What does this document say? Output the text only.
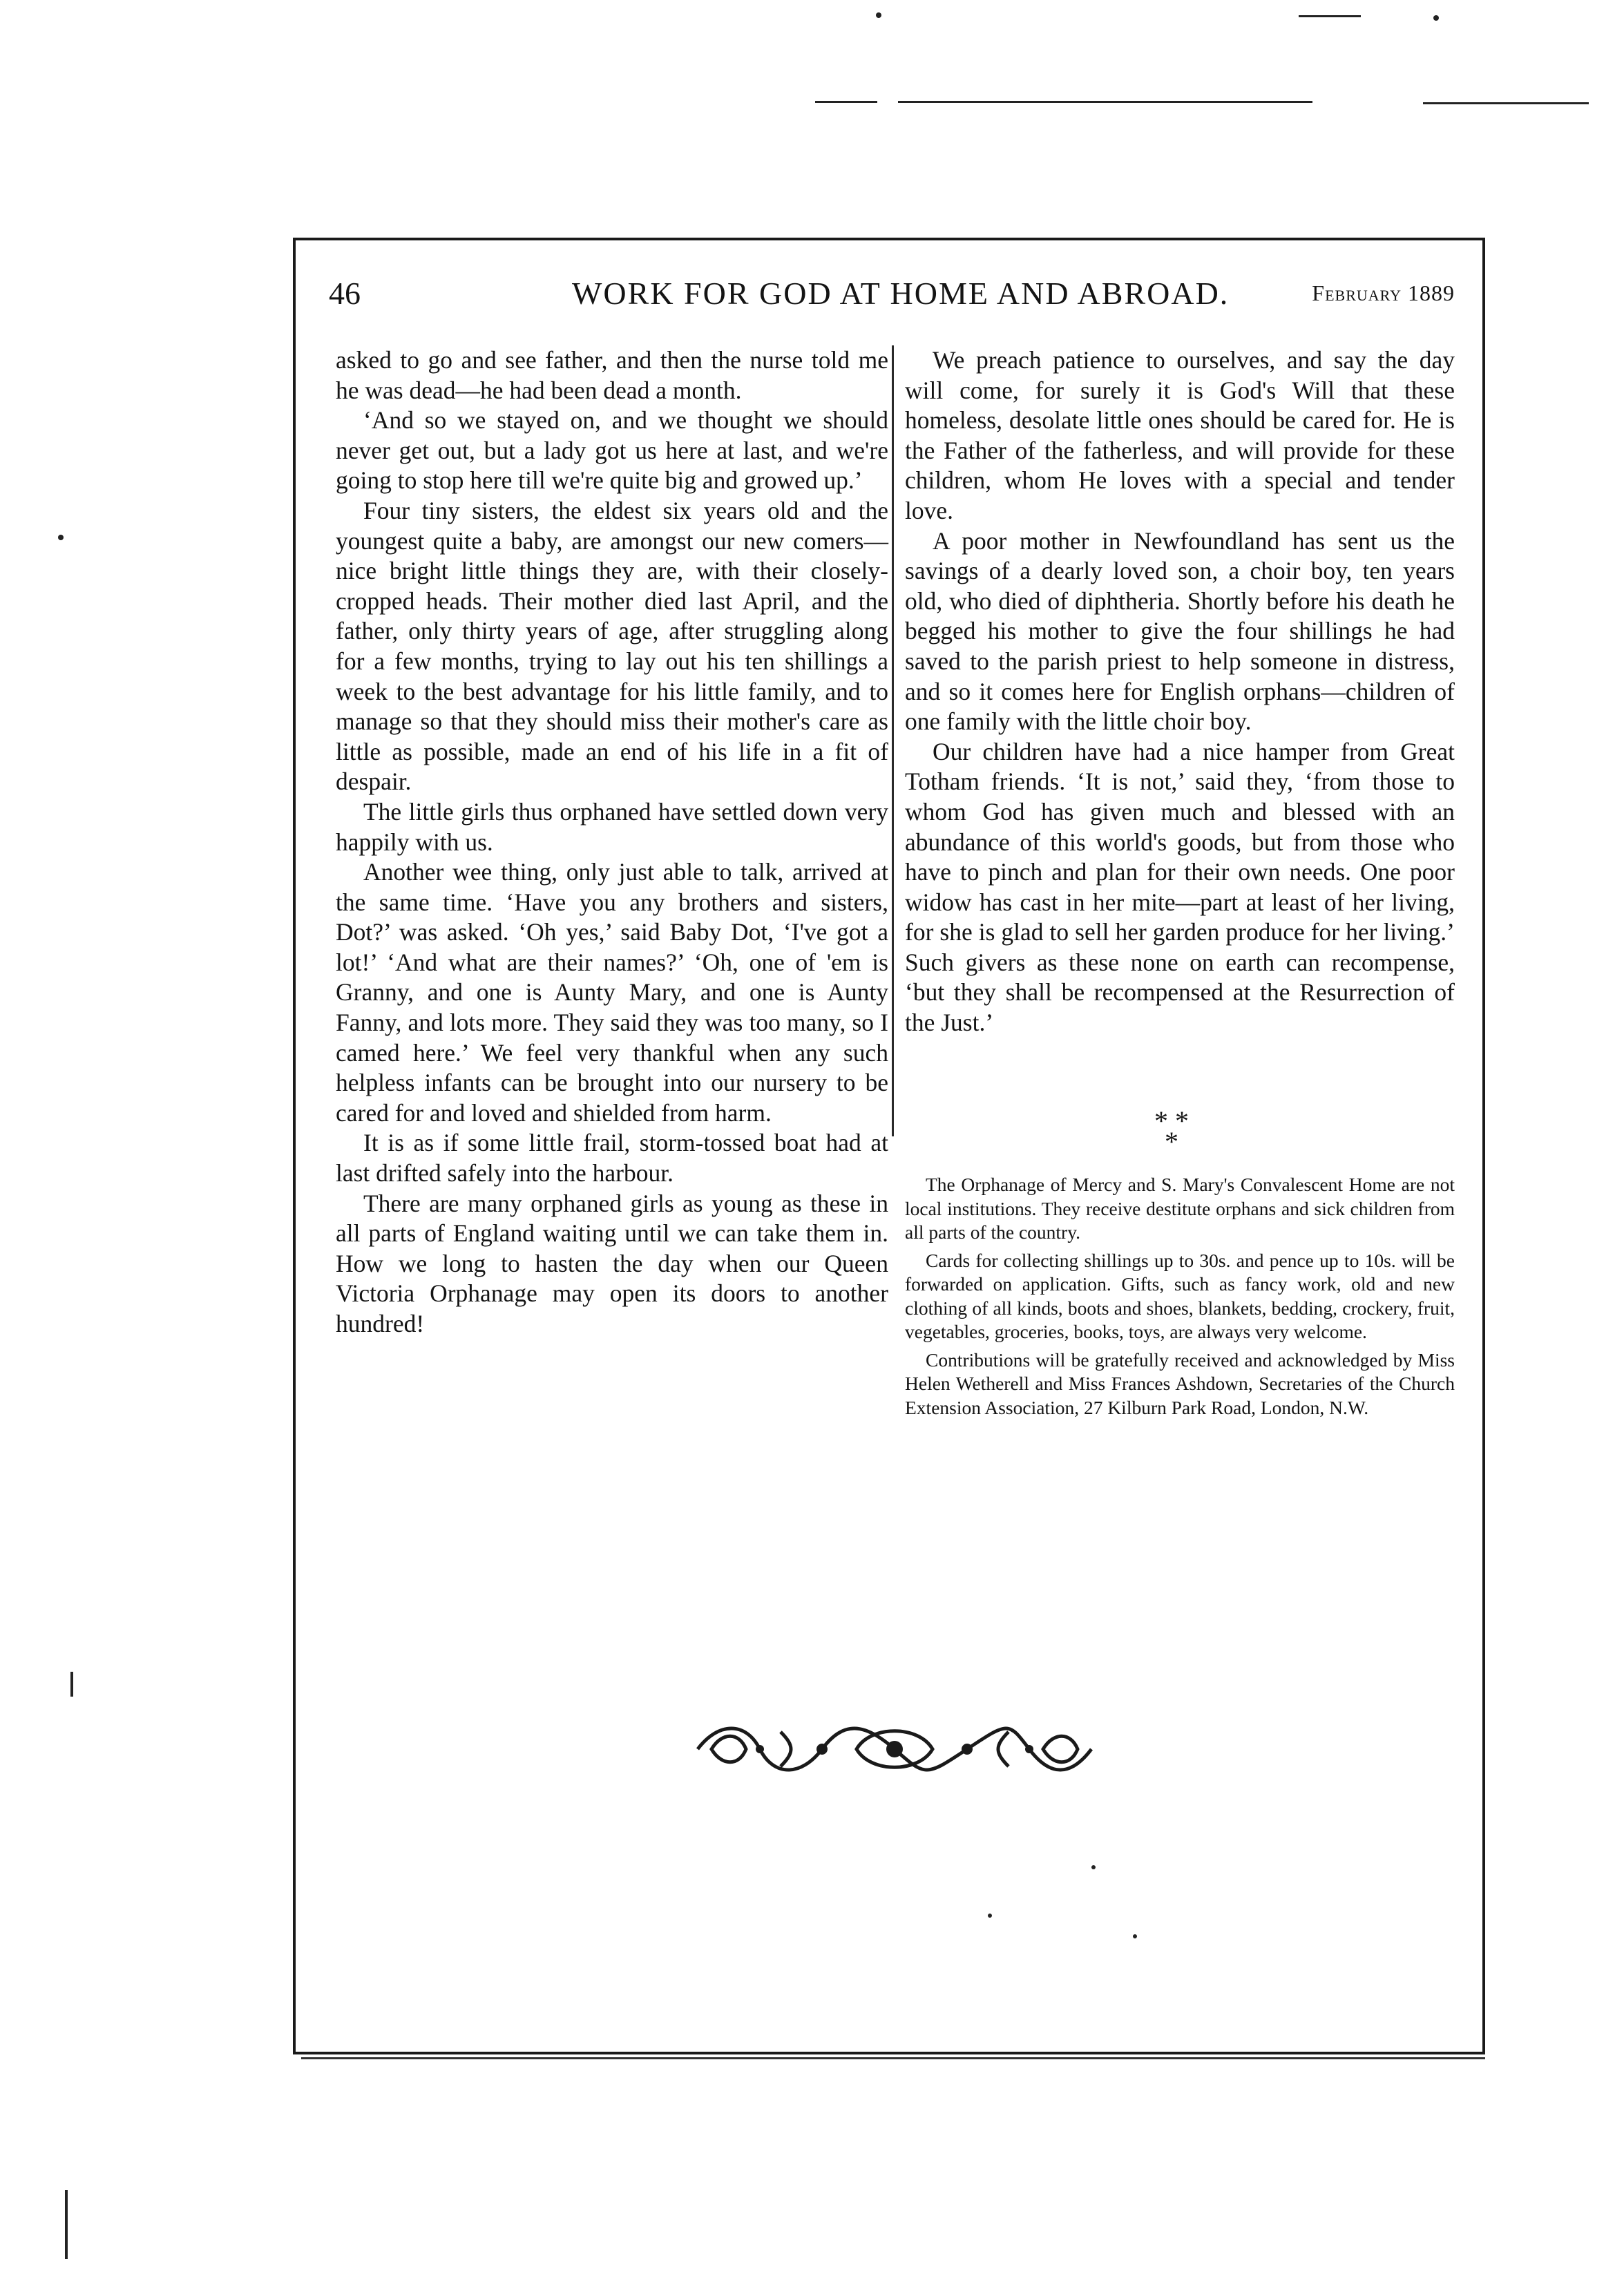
46	WORK FOR GOD AT HOME AND ABROAD.	February 1889

asked to go and see father, and then the nurse told me he was dead—he had been dead a month.

‘And so we stayed on, and we thought we should never get out, but a lady got us here at last, and we're going to stop here till we're quite big and growed up.’

Four tiny sisters, the eldest six years old and the youngest quite a baby, are amongst our new comers—nice bright little things they are, with their closely-cropped heads. Their mother died last April, and the father, only thirty years of age, after struggling along for a few months, trying to lay out his ten shillings a week to the best advantage for his little family, and to manage so that they should miss their mother's care as little as possible, made an end of his life in a fit of despair.

The little girls thus orphaned have settled down very happily with us.

Another wee thing, only just able to talk, arrived at the same time. ‘Have you any brothers and sisters, Dot?’ was asked. ‘Oh yes,’ said Baby Dot, ‘I've got a lot!’ ‘And what are their names?’ ‘Oh, one of 'em is Granny, and one is Aunty Mary, and one is Aunty Fanny, and lots more. They said they was too many, so I camed here.’ We feel very thankful when any such helpless infants can be brought into our nursery to be cared for and loved and shielded from harm.

It is as if some little frail, storm-tossed boat had at last drifted safely into the harbour.

There are many orphaned girls as young as these in all parts of England waiting until we can take them in. How we long to hasten the day when our Queen Victoria Orphanage may open its doors to another hundred!

We preach patience to ourselves, and say the day will come, for surely it is God's Will that these homeless, desolate little ones should be cared for. He is the Father of the fatherless, and will provide for these children, whom He loves with a special and tender love.

A poor mother in Newfoundland has sent us the savings of a dearly loved son, a choir boy, ten years old, who died of diphtheria. Shortly before his death he begged his mother to give the four shillings he had saved to the parish priest to help someone in distress, and so it comes here for English orphans—children of one family with the little choir boy.

Our children have had a nice hamper from Great Totham friends. ‘It is not,’ said they, ‘from those to whom God has given much and blessed with an abundance of this world's goods, but from those who have to pinch and plan for their own needs. One poor widow has cast in her mite—part at least of her living, for she is glad to sell her garden produce for her living.’ Such givers as these none on earth can recompense, ‘but they shall be recompensed at the Resurrection of the Just.’

* *
*

The Orphanage of Mercy and S. Mary's Convalescent Home are not local institutions. They receive destitute orphans and sick children from all parts of the country.

Cards for collecting shillings up to 30s. and pence up to 10s. will be forwarded on application. Gifts, such as fancy work, old and new clothing of all kinds, boots and shoes, blankets, bedding, crockery, fruit, vegetables, groceries, books, toys, are always very welcome.

Contributions will be gratefully received and acknowledged by Miss Helen Wetherell and Miss Frances Ashdown, Secretaries of the Church Extension Association, 27 Kilburn Park Road, London, N.W.
